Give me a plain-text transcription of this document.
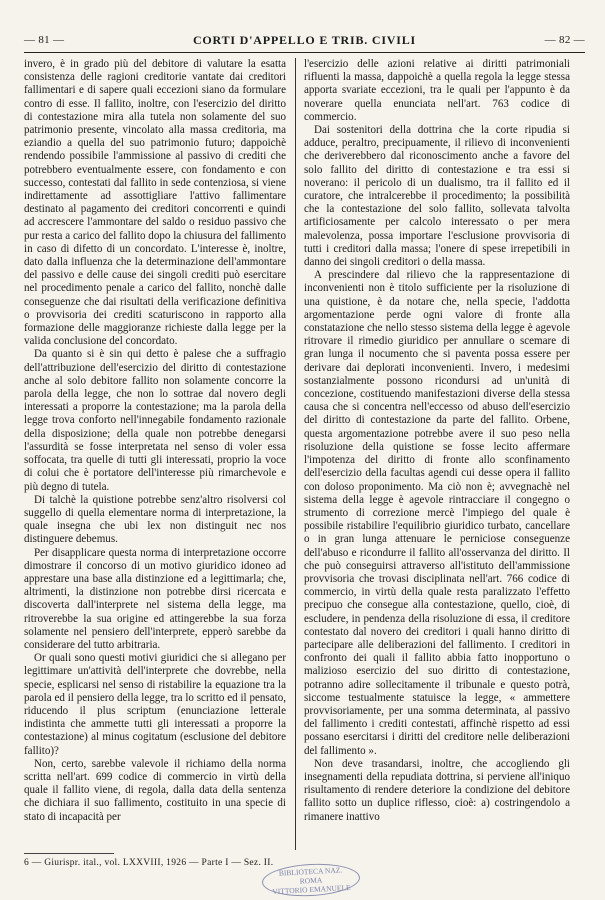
— 81 —	CORTI D'APPELLO E TRIB. CIVILI	— 82 —

invero, è in grado più del debitore di valutare la esatta consistenza delle ragioni creditorie vantate dai creditori fallimentari e di sapere quali eccezioni siano da formulare contro di esse. Il fallito, inoltre, con l'esercizio del diritto di contestazione mira alla tutela non solamente del suo patrimonio presente, vincolato alla massa creditoria, ma eziandio a quella del suo patrimonio futuro; dappoichè rendendo possibile l'ammissione al passivo di crediti che potrebbero eventualmente essere, con fondamento e con successo, contestati dal fallito in sede contenziosa, si viene indirettamente ad assottigliare l'attivo fallimentare destinato al pagamento dei creditori concorrenti e quindi ad accrescere l'ammontare del saldo o residuo passivo che pur resta a carico del fallito dopo la chiusura del fallimento in caso di difetto di un concordato. L'interesse è, inoltre, dato dalla influenza che la determinazione dell'ammontare del passivo e delle cause dei singoli crediti può esercitare nel procedimento penale a carico del fallito, nonchè dalle conseguenze che dai risultati della verificazione definitiva o provvisoria dei crediti scaturiscono in rapporto alla formazione delle maggioranze richieste dalla legge per la valida conclusione del concordato.

Da quanto si è sin qui detto è palese che a suffragio dell'attribuzione dell'esercizio del diritto di contestazione anche al solo debitore fallito non solamente concorre la parola della legge, che non lo sottrae dal novero degli interessati a proporre la contestazione; ma la parola della legge trova conforto nell'innegabile fondamento razionale della disposizione; della quale non potrebbe denegarsi l'assurdità se fosse interpretata nel senso di voler essa soffocata, tra quelle di tutti gli interessati, proprio la voce di colui che è portatore dell'interesse più rimarchevole e più degno di tutela.

Di talchè la quistione potrebbe senz'altro risolversi col suggello di quella elementare norma di interpretazione, la quale insegna che ubi lex non distinguit nec nos distinguere debemus.

Per disapplicare questa norma di interpretazione occorre dimostrare il concorso di un motivo giuridico idoneo ad apprestare una base alla distinzione ed a legittimarla; che, altrimenti, la distinzione non potrebbe dirsi ricercata e discoverta dall'interprete nel sistema della legge, ma ritroverebbe la sua origine ed attingerebbe la sua forza solamente nel pensiero dell'interprete, epperò sarebbe da considerare del tutto arbitraria.

Or quali sono questi motivi giuridici che si allegano per legittimare un'attività dell'interprete che dovrebbe, nella specie, esplicarsi nel senso di ristabilire la equazione tra la parola ed il pensiero della legge, tra lo scritto ed il pensato, riducendo il plus scriptum (enunciazione letterale indistinta che ammette tutti gli interessati a proporre la contestazione) al minus cogitatum (esclusione del debitore fallito)?

Non, certo, sarebbe valevole il richiamo della norma scritta nell'art. 699 codice di commercio in virtù della quale il fallito viene, di regola, dalla data della sentenza che dichiara il suo fallimento, costituito in una specie di stato di incapacità per

l'esercizio delle azioni relative ai diritti patrimoniali rifluenti la massa, dappoichè a quella regola la legge stessa apporta svariate eccezioni, tra le quali per l'appunto è da noverare quella enunciata nell'art. 763 codice di commercio.

Dai sostenitori della dottrina che la corte ripudia si adduce, peraltro, precipuamente, il rilievo di inconvenienti che deriverebbero dal riconoscimento anche a favore del solo fallito del diritto di contestazione e tra essi si noverano: il pericolo di un dualismo, tra il fallito ed il curatore, che intralcerebbe il procedimento; la possibilità che la contestazione del solo fallito, sollevata talvolta artificiosamente per calcolo interessato o per mera malevolenza, possa importare l'esclusione provvisoria di tutti i creditori dalla massa; l'onere di spese irrepetibili in danno dei singoli creditori o della massa.

A prescindere dal rilievo che la rappresentazione di inconvenienti non è titolo sufficiente per la risoluzione di una quistione, è da notare che, nella specie, l'addotta argomentazione perde ogni valore di fronte alla constatazione che nello stesso sistema della legge è agevole ritrovare il rimedio giuridico per annullare o scemare di gran lunga il nocumento che si paventa possa essere per derivare dai deplorati inconvenienti. Invero, i medesimi sostanzialmente possono ricondursi ad un'unità di concezione, costituendo manifestazioni diverse della stessa causa che si concentra nell'eccesso od abuso dell'esercizio del diritto di contestazione da parte del fallito. Orbene, questa argomentazione potrebbe avere il suo peso nella risoluzione della quistione se fosse lecito affermare l'impotenza del diritto di fronte allo sconfinamento dell'esercizio della facultas agendi cui desse opera il fallito con doloso proponimento. Ma ciò non è; avvegnachè nel sistema della legge è agevole rintracciare il congegno o strumento di correzione mercè l'impiego del quale è possibile ristabilire l'equilibrio giuridico turbato, cancellare o in gran lunga attenuare le perniciose conseguenze dell'abuso e ricondurre il fallito all'osservanza del diritto. Il che può conseguirsi attraverso all'istituto dell'ammissione provvisoria che trovasi disciplinata nell'art. 766 codice di commercio, in virtù della quale resta paralizzato l'effetto precipuo che consegue alla contestazione, quello, cioè, di escludere, in pendenza della risoluzione di essa, il creditore contestato dal novero dei creditori i quali hanno diritto di partecipare alle deliberazioni del fallimento. I creditori in confronto dei quali il fallito abbia fatto inopportuno o malizioso esercizio del suo diritto di contestazione, potranno adire sollecitamente il tribunale e questo potrà, siccome testualmente statuisce la legge, « ammettere provvisoriamente, per una somma determinata, al passivo del fallimento i crediti contestati, affinchè rispetto ad essi possano esercitarsi i diritti del creditore nelle deliberazioni del fallimento ».

Non deve trasandarsi, inoltre, che accogliendo gli insegnamenti della repudiata dottrina, si perviene all'iniquo risultamento di rendere deteriore la condizione del debitore fallito sotto un duplice riflesso, cioè: a) costringendolo a rimanere inattivo

6 — Giurispr. ital., vol. LXXVIII, 1926 — Parte I — Sez. II.
BIBLIOTECA NAZ.
ROMA
VITTORIO EMANUELE
